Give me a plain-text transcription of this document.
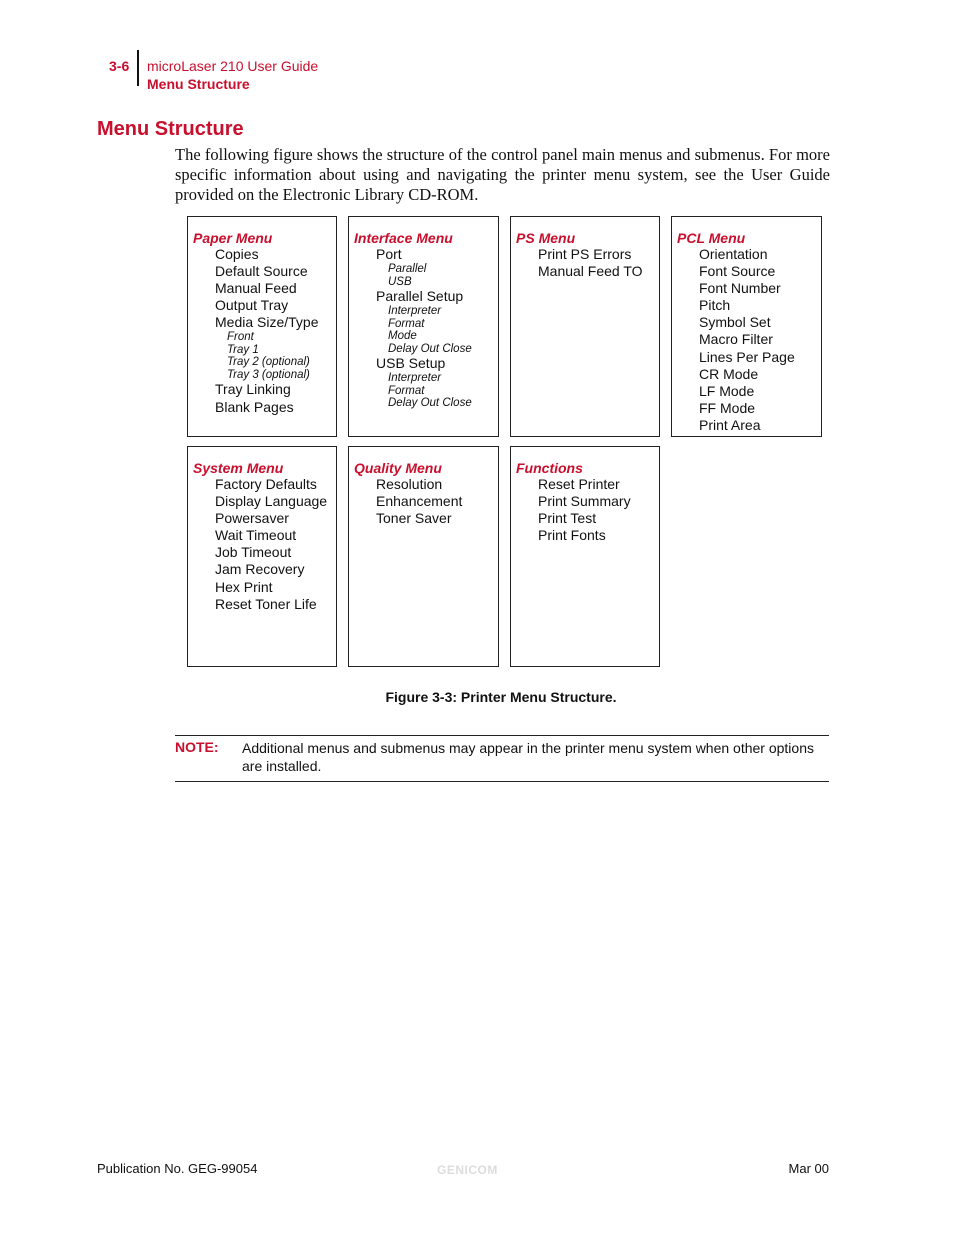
3-6 microLaser 210 User Guide
Menu Structure
Menu Structure

The following figure shows the structure of the control panel main menus and submenus. For more specific information about using and navigating the printer menu system, see the User Guide provided on the Electronic Library CD-ROM.

Paper Menu
Copies
Default Source
Manual Feed
Output Tray
Media Size/Type
Front
Tray 1
Tray 2 (optional)
Tray 3 (optional)
Tray Linking
Blank Pages
Interface Menu
Port
Parallel
USB
Parallel Setup
Interpreter
Format
Mode
Delay Out Close
USB Setup
Interpreter
Format
Delay Out Close
PS Menu
Print PS Errors
Manual Feed TO
PCL Menu
Orientation
Font Source
Font Number
Pitch
Symbol Set
Macro Filter
Lines Per Page
CR Mode
LF Mode
FF Mode
Print Area
System Menu
Factory Defaults
Display Language
Powersaver
Wait Timeout
Job Timeout
Jam Recovery
Hex Print
Reset Toner Life
Quality Menu
Resolution
Enhancement
Toner Saver
Functions
Reset Printer
Print Summary
Print Test
Print Fonts
Figure 3-3: Printer Menu Structure.
NOTE: Additional menus and submenus may appear in the printer menu system when other options are installed.
Publication No. GEG-99054	GENICOM	Mar 00
